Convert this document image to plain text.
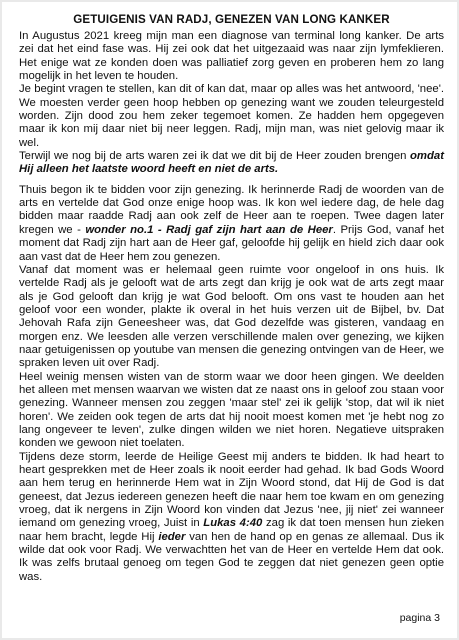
GETUIGENIS VAN RADJ, GENEZEN VAN LONG KANKER

In Augustus 2021 kreeg mijn man een diagnose van terminal long kanker. De arts zei dat het eind fase was. Hij zei ook dat het uitgezaaid was naar zijn lymfeklieren. Het enige wat ze konden doen was palliatief zorg geven en proberen hem zo lang mogelijk in het leven te houden.

Je begint vragen te stellen, kan dit of kan dat, maar op alles was het antwoord, 'nee'. We moesten verder geen hoop hebben op genezing want we zouden teleurgesteld worden. Zijn dood zou hem zeker tegemoet komen. Ze hadden hem opgegeven maar ik kon mij daar niet bij neer leggen. Radj, mijn man, was niet gelovig maar ik wel.

Terwijl we nog bij de arts waren zei ik dat we dit bij de Heer zouden brengen omdat Hij alleen het laatste woord heeft en niet de arts.

Thuis begon ik te bidden voor zijn genezing. Ik herinnerde Radj de woorden van de arts en vertelde dat God onze enige hoop was. Ik kon wel iedere dag, de hele dag bidden maar raadde Radj aan ook zelf de Heer aan te roepen. Twee dagen later kregen we - wonder no.1 - Radj gaf zijn hart aan de Heer. Prijs God, vanaf het moment dat Radj zijn hart aan de Heer gaf, geloofde hij gelijk en hield zich daar ook aan vast dat de Heer hem zou genezen.

Vanaf dat moment was er helemaal geen ruimte voor ongeloof in ons huis. Ik vertelde Radj als je gelooft wat de arts zegt dan krijg je ook wat de arts zegt maar als je God gelooft dan krijg je wat God belooft. Om ons vast te houden aan het geloof voor een wonder, plakte ik overal in het huis verzen uit de Bijbel, bv. Dat Jehovah Rafa zijn Geneesheer was, dat God dezelfde was gisteren, vandaag en morgen enz. We leesden alle verzen verschillende malen over genezing, we kijken naar getuigenissen op youtube van mensen die genezing ontvingen van de Heer, we spraken leven uit over Radj.

Heel weinig mensen wisten van de storm waar we door heen gingen. We deelden het alleen met mensen waarvan we wisten dat ze naast ons in geloof zou staan voor genezing. Wanneer mensen zou zeggen 'maar stel' zei ik gelijk 'stop, dat wil ik niet horen'. We zeiden ook tegen de arts dat hij nooit moest komen met 'je hebt nog zo lang ongeveer te leven', zulke dingen wilden we niet horen. Negatieve uitspraken konden we gewoon niet toelaten.

Tijdens deze storm, leerde de Heilige Geest mij anders te bidden. Ik had heart to heart gesprekken met de Heer zoals ik nooit eerder had gehad. Ik bad Gods Woord aan hem terug en herinnerde Hem wat in Zijn Woord stond, dat Hij de God is dat geneest, dat Jezus iedereen genezen heeft die naar hem toe kwam en om genezing vroeg, dat ik nergens in Zijn Woord kon vinden dat Jezus 'nee, jij niet' zei wanneer iemand om genezing vroeg, Juist in Lukas 4:40 zag ik dat toen mensen hun zieken naar hem bracht, legde Hij ieder van hen de hand op en genas ze allemaal. Dus ik wilde dat ook voor Radj. We verwachtten het van de Heer en vertelde Hem dat ook. Ik was zelfs brutaal genoeg om tegen God te zeggen dat niet genezen geen optie was.

pagina 3
